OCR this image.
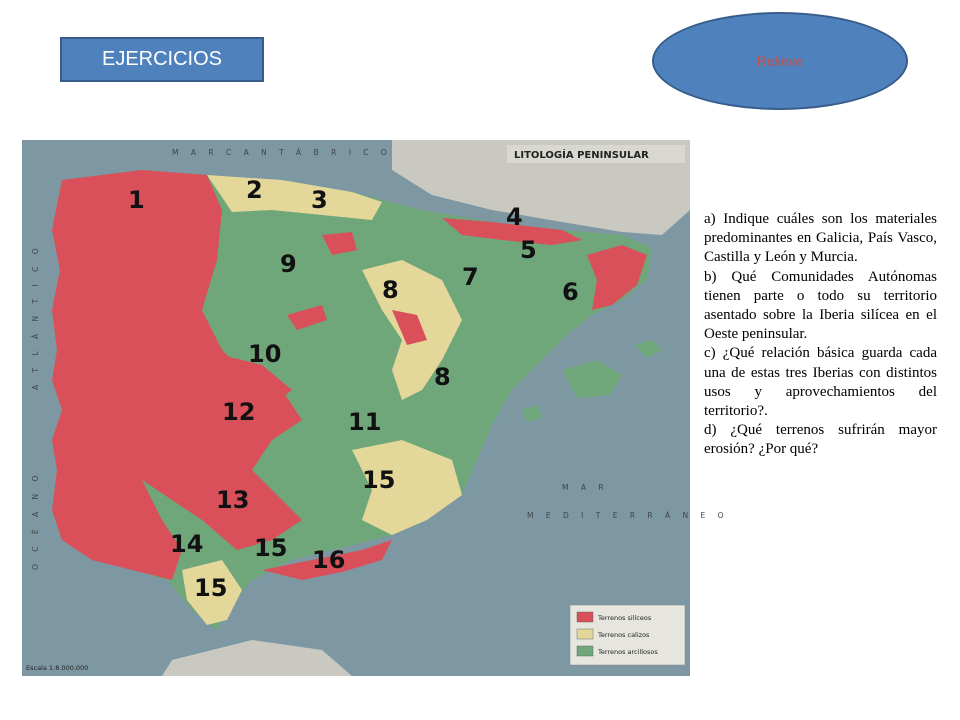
EJERCICIOS	Relieve
M A R C A N T Á B R I C O
A T L Á N T I C O
O C É A N O	M A R
M E D I T E R R Á N E O
LITOLOGÍA PENINSULAR
1	2 3
4
5
6
7
8
8
9
10
11
12
13
14
15
15
15
16
Terrenos silíceos
Terrenos calizos
Terrenos arcillosos
Escala 1:8.000.000

a) Indique cuáles son los materiales predominantes en Galicia, País Vasco, Castilla y León y Murcia.

b) Qué Comunidades Autónomas tienen parte o todo su territorio asentado sobre la Iberia silícea en el Oeste peninsular.

c) ¿Qué relación básica guarda cada una de estas tres Iberias con distintos usos y aprovechamientos del territorio?.

d) ¿Qué terrenos sufrirán mayor erosión? ¿Por qué?
